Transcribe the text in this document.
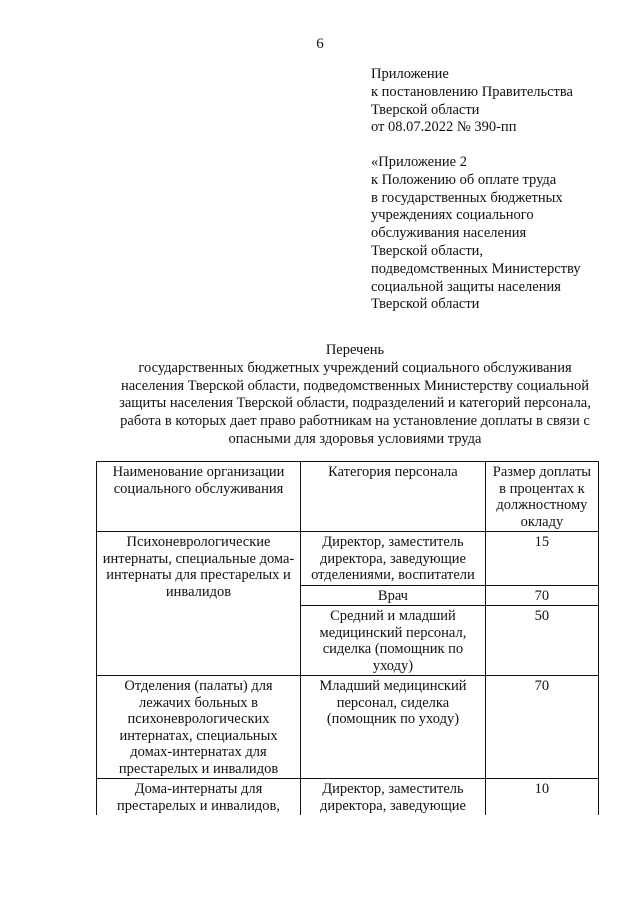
6
Приложение
к постановлению Правительства
Тверской области
от 08.07.2022 № 390-пп
«Приложение 2
к Положению об оплате труда
в государственных бюджетных
учреждениях социального
обслуживания населения
Тверской области,
подведомственных Министерству
социальной защиты населения
Тверской области
Перечень
государственных бюджетных учреждений социального обслуживания
населения Тверской области, подведомственных Министерству социальной
защиты населения Тверской области, подразделений и категорий персонала,
работа в которых дает право работникам на установление доплаты в связи с
опасными для здоровья условиями труда
Наименование организации социального обслуживания	Категория персонала	Размер доплаты в процентах к должностному окладу
Психоневрологические интернаты, специальные дома-интернаты для престарелых и инвалидов	Директор, заместитель директора, заведующие отделениями, воспитатели	15
	Врач	70
	Средний и младший медицинский персонал, сиделка (помощник по уходу)	50
Отделения (палаты) для лежачих больных в психоневрологических интернатах, специальных домах-интернатах для престарелых и инвалидов	Младший медицинский персонал, сиделка (помощник по уходу)	70
Дома-интернаты для престарелых и инвалидов,	Директор, заместитель директора, заведующие	10
